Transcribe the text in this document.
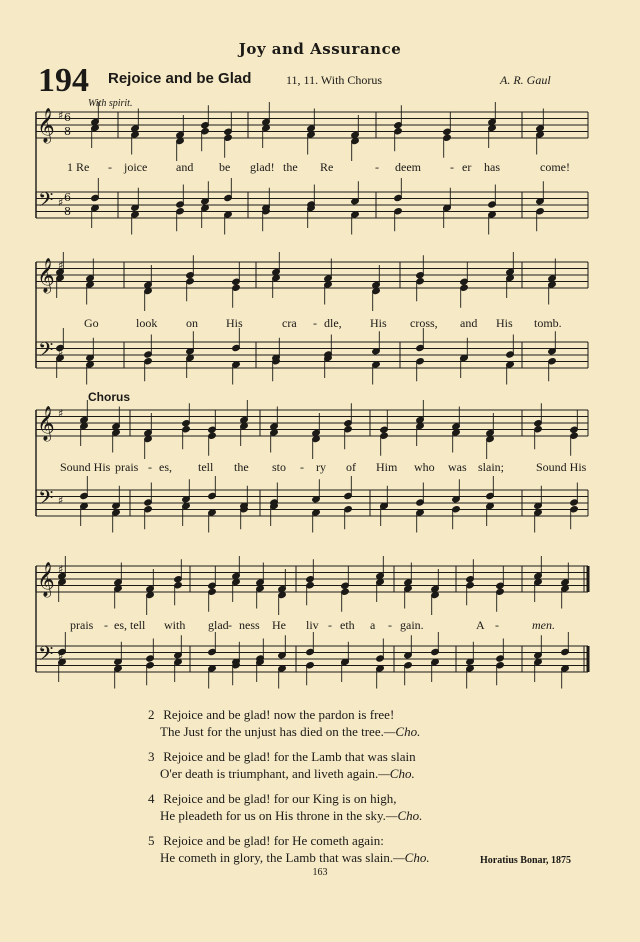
Joy and Assurance
194 Rejoice and be Glad	11, 11. With Chorus	A. R. Gaul
With spirit.
𝄞
𝄢
♯
♯
𝄞
𝄢
♯
♯
𝄞
𝄢
♯
♯
𝄞
𝄢
♯
♯
6
8
6
8
1 Re - joice and be glad! the Re	- deem - er has	come!
Go	look on His	cra - dle, His cross, and His tomb.
Chorus
Sound His prais - es, tell the sto - ry of Him who was slain;	Sound His
prais - es, tell with glad - ness He liv - eth a - gain.	A -	men.
2 Rejoice and be glad! now the pardon is free!
The Just for the unjust has died on the tree.—Cho.
3 Rejoice and be glad! for the Lamb that was slain
O'er death is triumphant, and liveth again.—Cho.
4 Rejoice and be glad! for our King is on high,
He pleadeth for us on His throne in the sky.—Cho.
5 Rejoice and be glad! for He cometh again:
He cometh in glory, the Lamb that was slain.—Cho.	Horatius Bonar, 1875
163
